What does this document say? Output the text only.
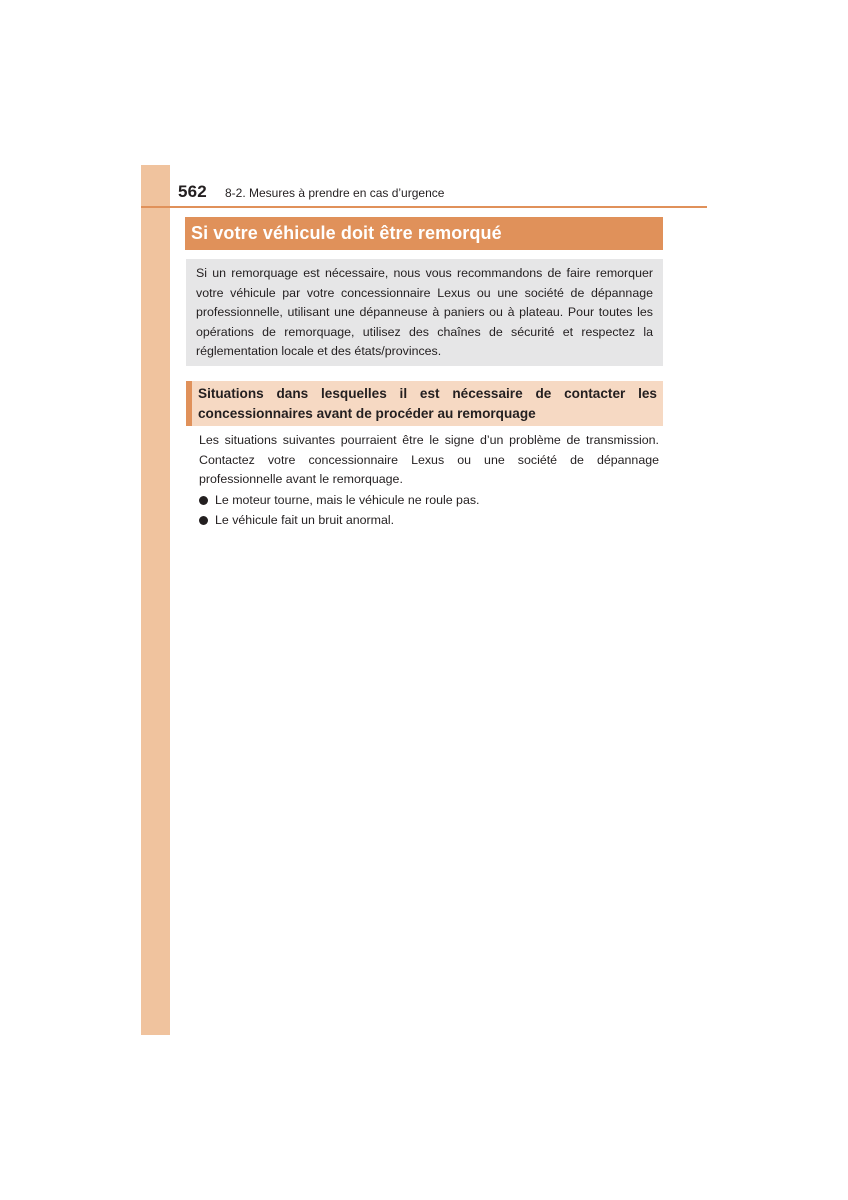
562 8-2. Mesures à prendre en cas d’urgence
Si votre véhicule doit être remorqué

Si un remorquage est nécessaire, nous vous recommandons de faire remorquer votre véhicule par votre concessionnaire Lexus ou une société de dépannage professionnelle, utilisant une dépanneuse à paniers ou à plateau. Pour toutes les opérations de remorquage, utilisez des chaînes de sécurité et respectez la réglementation locale et des états/provinces.

Situations dans lesquelles il est nécessaire de contacter les concessionnaires avant de procéder au remorquage

Les situations suivantes pourraient être le signe d’un problème de transmission. Contactez votre concessionnaire Lexus ou une société de dépannage professionnelle avant le remorquage.

Le moteur tourne, mais le véhicule ne roule pas.
Le véhicule fait un bruit anormal.
